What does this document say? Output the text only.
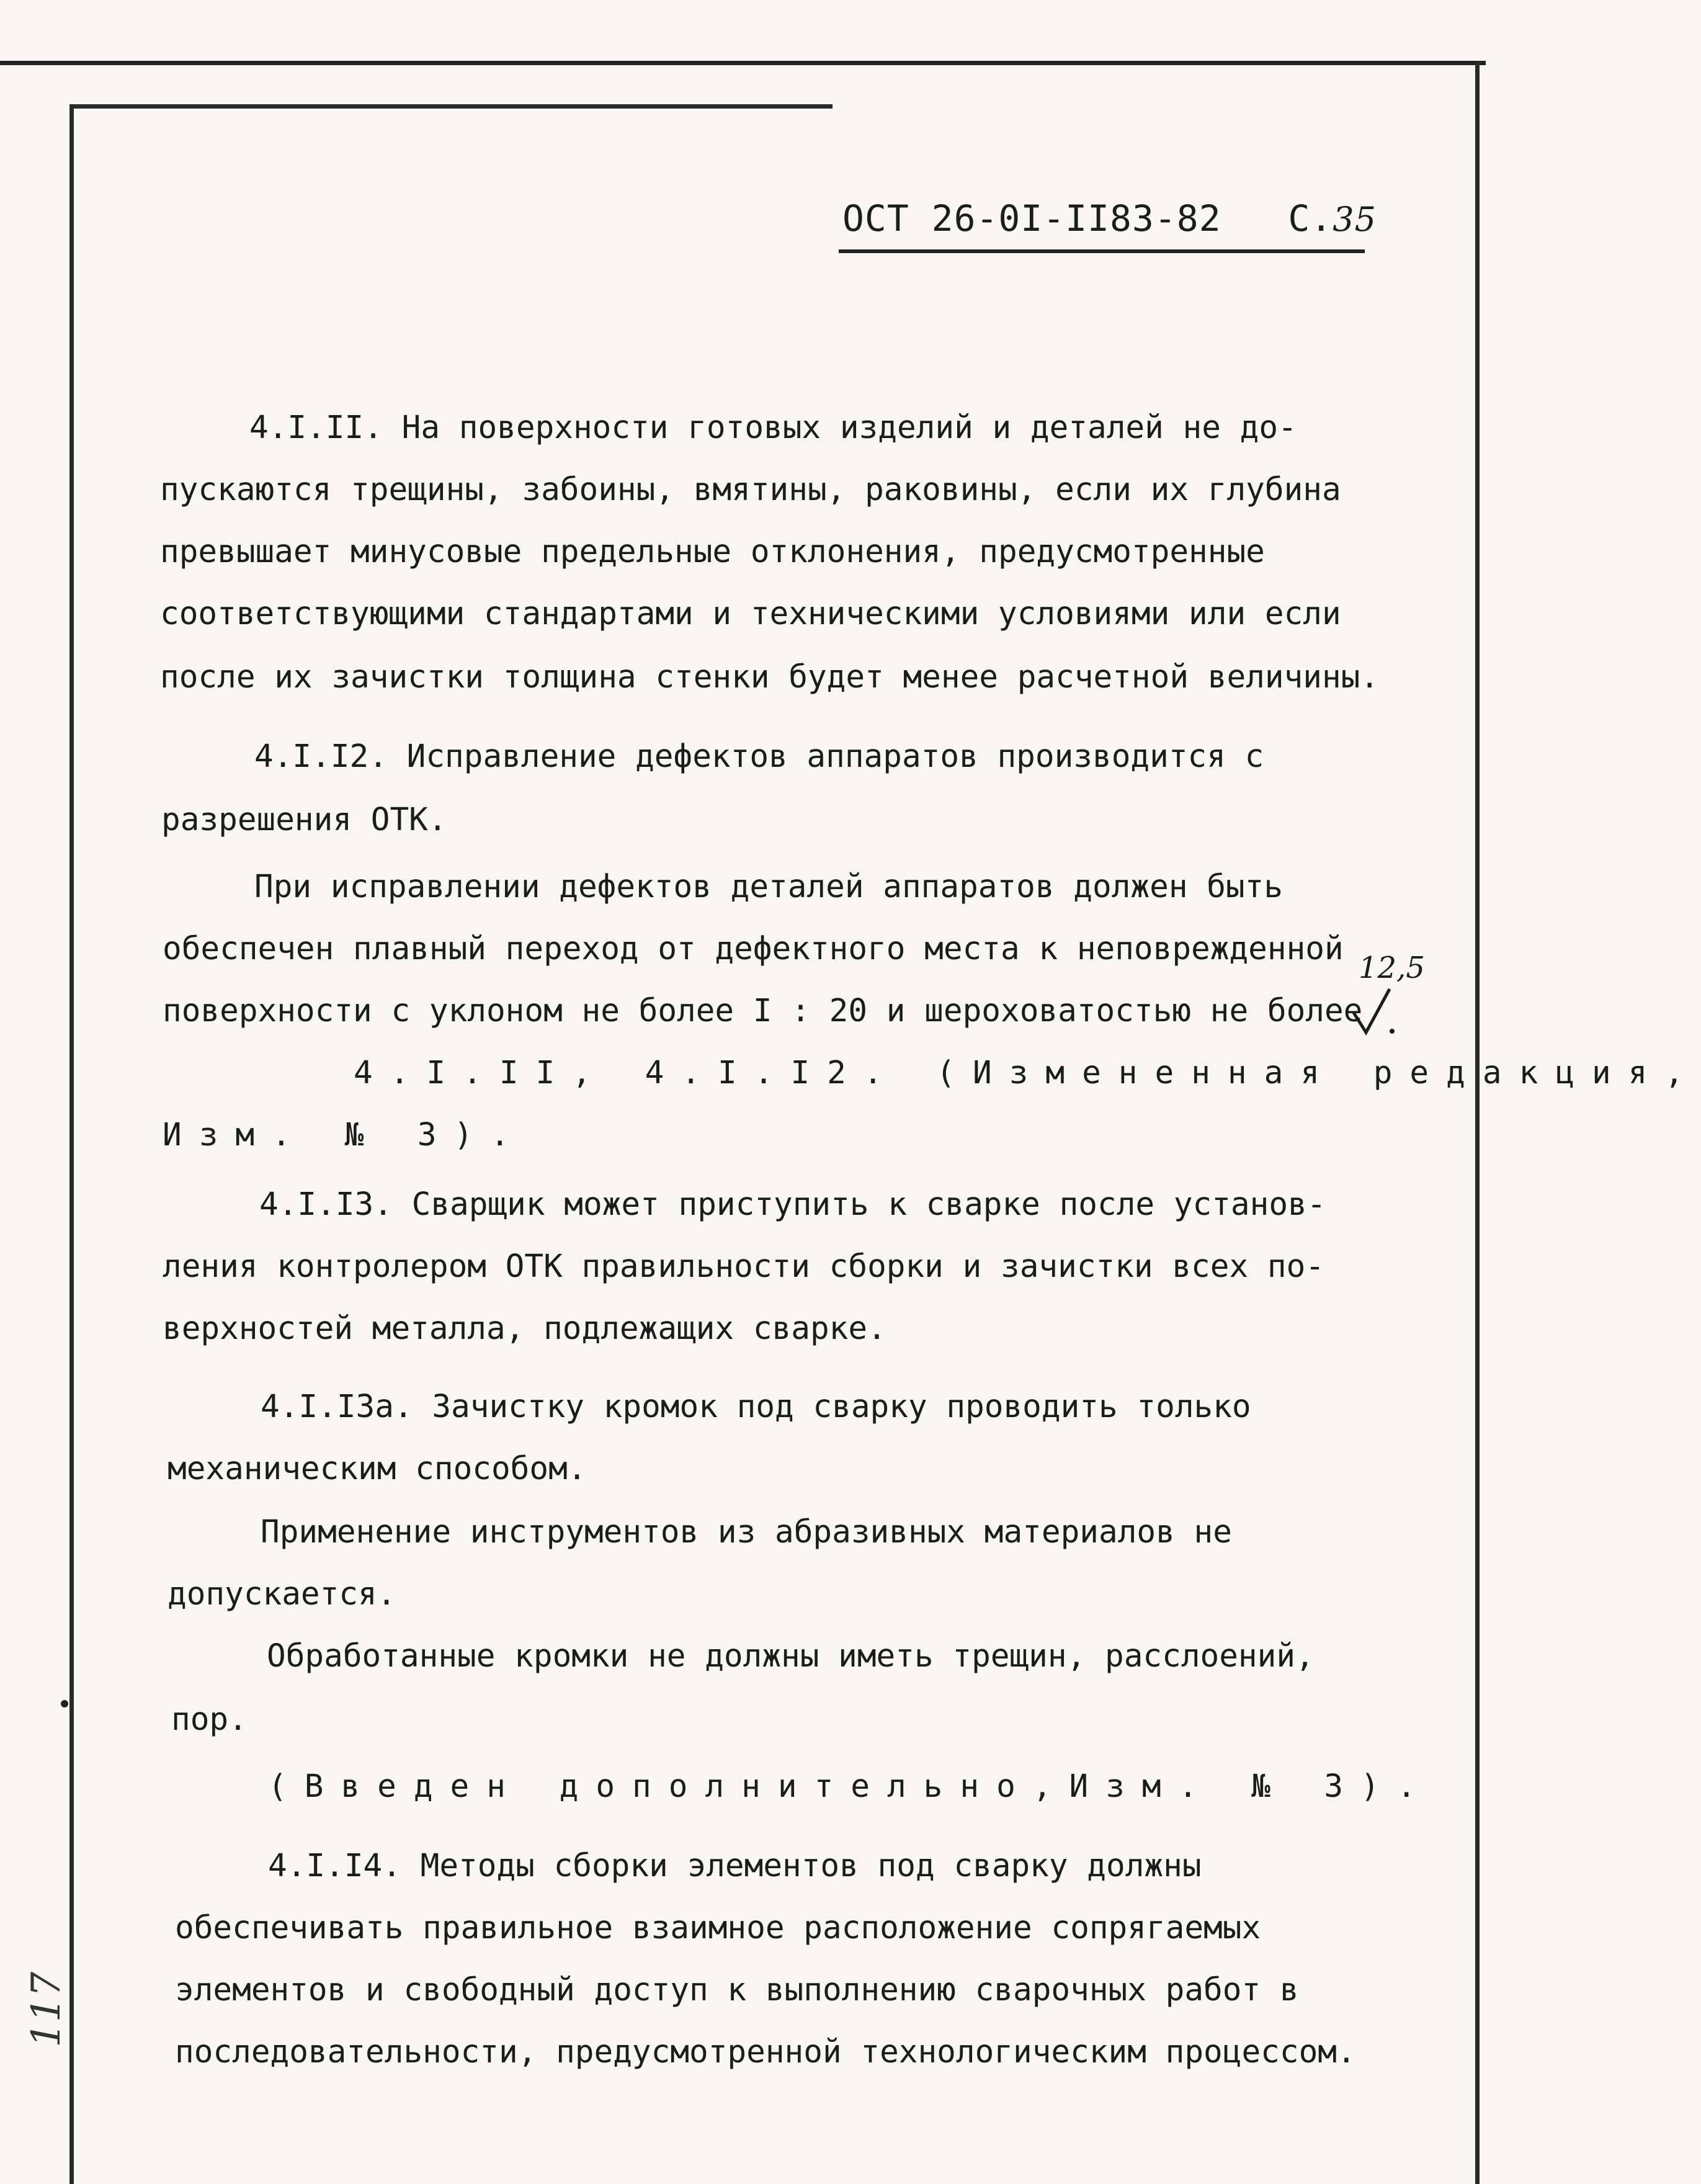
ОСТ 26-0I-II83-82 С.35
4.I.II. На поверхности готовых изделий и деталей не до-
пускаются трещины, забоины, вмятины, раковины, если их глубина
превышает минусовые предельные отклонения, предусмотренные
соответствующими стандартами и техническими условиями или если
после их зачистки толщина стенки будет менее расчетной величины.
4.I.I2. Исправление дефектов аппаратов производится с
разрешения ОТК.
При исправлении дефектов деталей аппаратов должен быть
обеспечен плавный переход от дефектного места к неповрежденной
поверхности с уклоном не более I : 20 и шероховатостью не более
4.I.II, 4.I.I2. (Измененная редакция,
Изм. № 3).
4.I.I3. Сварщик может приступить к сварке после установ-
ления контролером ОТК правильности сборки и зачистки всех по-
верхностей металла, подлежащих сварке.
4.I.I3а. Зачистку кромок под сварку проводить только
механическим способом.
Применение инструментов из абразивных материалов не
допускается.
Обработанные кромки не должны иметь трещин, расслоений,
пор.
(Введен дополнительно,Изм. № 3).
4.I.I4. Методы сборки элементов под сварку должны
обеспечивать правильное взаимное расположение сопрягаемых
элементов и свободный доступ к выполнению сварочных работ в
последовательности, предусмотренной технологическим процессом.
12,5
117
